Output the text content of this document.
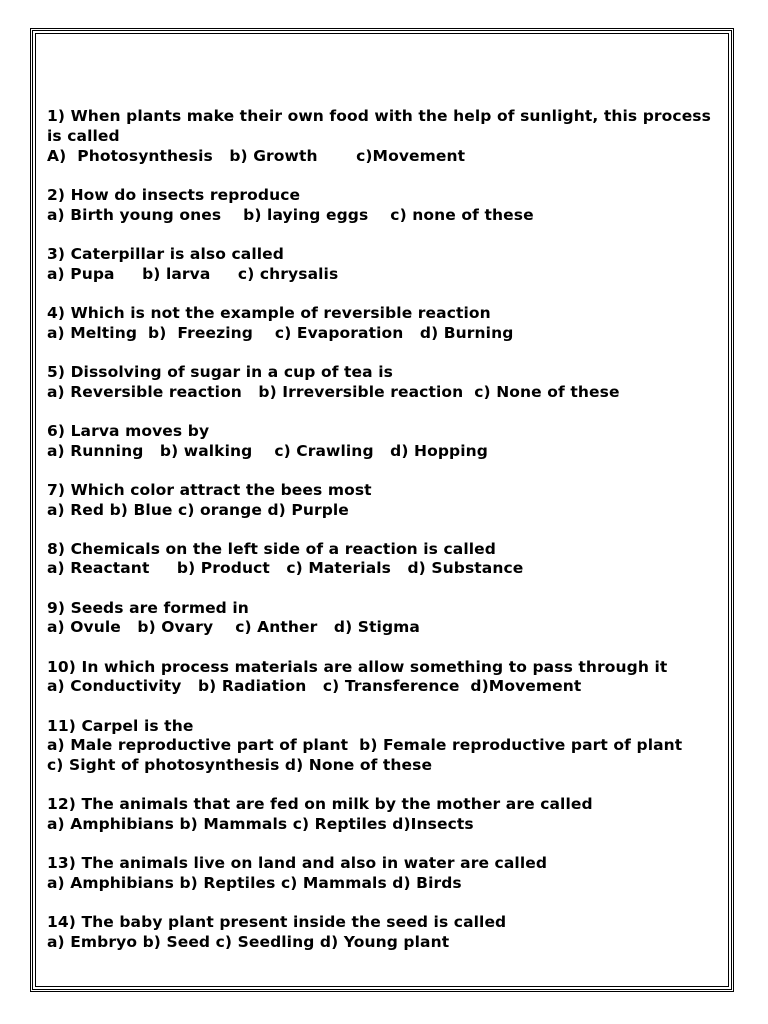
1) When plants make their own food with the help of sunlight, this process is called
A)  Photosynthesis   b) Growth       c)Movement
2) How do insects reproduce
a) Birth young ones    b) laying eggs    c) none of these
3) Caterpillar is also called
a) Pupa     b) larva     c) chrysalis
4) Which is not the example of reversible reaction
a) Melting  b)  Freezing    c) Evaporation   d) Burning
5) Dissolving of sugar in a cup of tea is
a) Reversible reaction   b) Irreversible reaction  c) None of these
6) Larva moves by
a) Running   b) walking    c) Crawling   d) Hopping
7) Which color attract the bees most
a) Red b) Blue c) orange d) Purple
8) Chemicals on the left side of a reaction is called
a) Reactant     b) Product   c) Materials   d) Substance
9) Seeds are formed in
a) Ovule   b) Ovary    c) Anther   d) Stigma
10) In which process materials are allow something to pass through it
a) Conductivity   b) Radiation   c) Transference  d)Movement
11) Carpel is the
a) Male reproductive part of plant  b) Female reproductive part of plant
c) Sight of photosynthesis d) None of these
12) The animals that are fed on milk by the mother are called
a) Amphibians b) Mammals c) Reptiles d)Insects
13) The animals live on land and also in water are called
a) Amphibians b) Reptiles c) Mammals d) Birds
14) The baby plant present inside the seed is called
a) Embryo b) Seed c) Seedling d) Young plant
